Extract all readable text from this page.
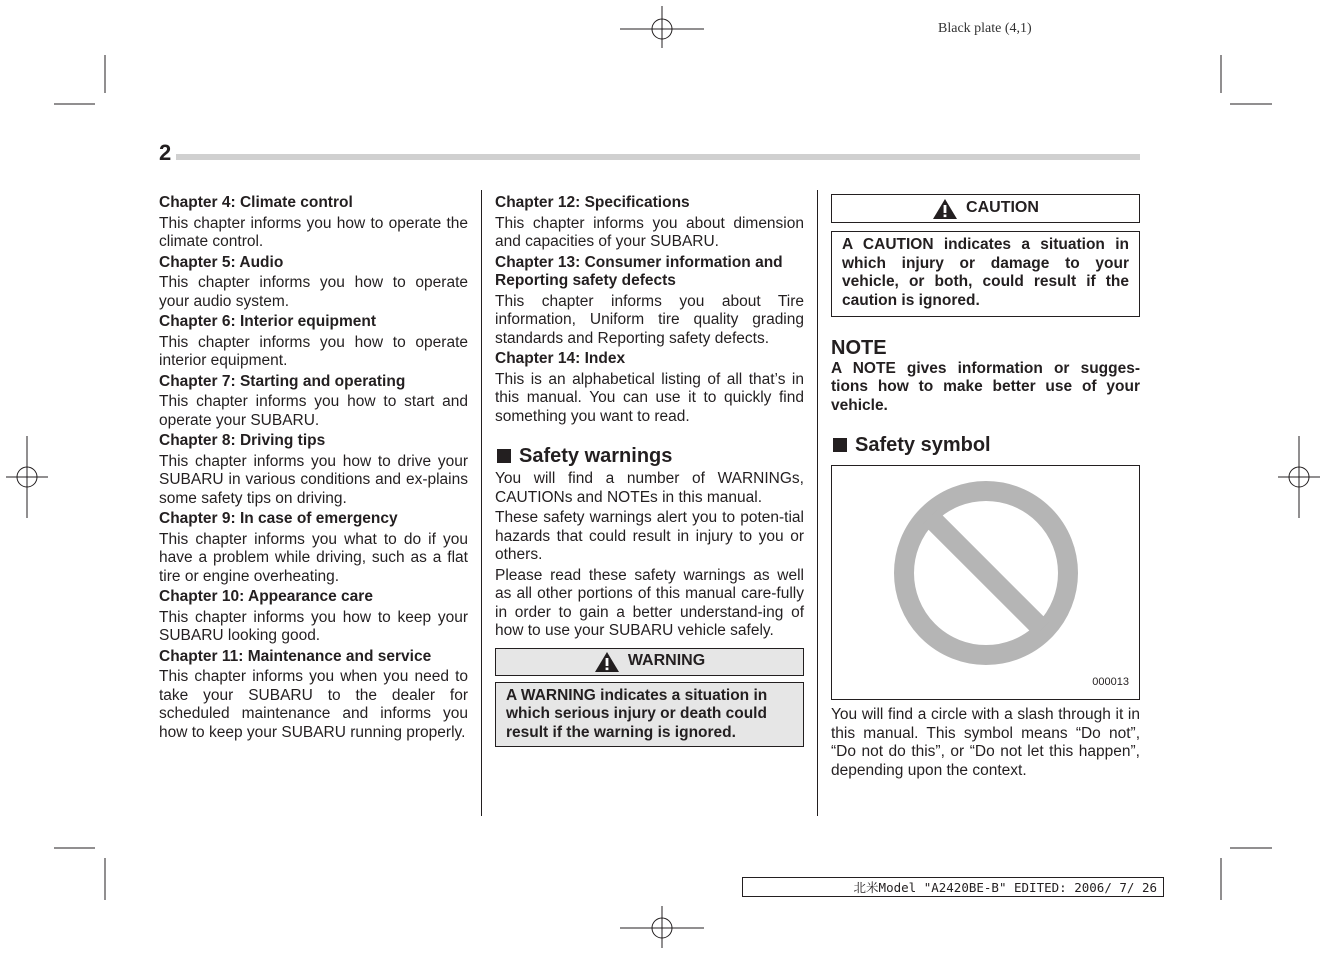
Black plate (4,1)
2
Chapter 4: Climate control
This chapter informs you how to operate the climate control.
Chapter 5: Audio
This chapter informs you how to operate your audio system.
Chapter 6: Interior equipment
This chapter informs you how to operate interior equipment.
Chapter 7: Starting and operating
This chapter informs you how to start and operate your SUBARU.
Chapter 8: Driving tips
This chapter informs you how to drive your SUBARU in various conditions and ex-plains some safety tips on driving.
Chapter 9: In case of emergency
This chapter informs you what to do if you have a problem while driving, such as a flat tire or engine overheating.
Chapter 10: Appearance care
This chapter informs you how to keep your SUBARU looking good.
Chapter 11: Maintenance and service
This chapter informs you when you need to take your SUBARU to the dealer for scheduled maintenance and informs you how to keep your SUBARU running properly.
Chapter 12: Specifications
This chapter informs you about dimension and capacities of your SUBARU.
Chapter 13: Consumer information and Reporting safety defects
This chapter informs you about Tire information, Uniform tire quality grading standards and Reporting safety defects.
Chapter 14: Index
This is an alphabetical listing of all that’s in this manual. You can use it to quickly find something you want to read.
Safety warnings
You will find a number of WARNINGs, CAUTIONs and NOTEs in this manual.
These safety warnings alert you to poten-tial hazards that could result in injury to you or others.
Please read these safety warnings as well as all other portions of this manual care-fully in order to gain a better understand-ing of how to use your SUBARU vehicle safely.
WARNING
A WARNING indicates a situation in which serious injury or death could result if the warning is ignored.
CAUTION
A CAUTION indicates a situation in which injury or damage to your vehicle, or both, could result if the caution is ignored.
NOTE
A NOTE gives information or sugges-tions how to make better use of your vehicle.
Safety symbol
000013
You will find a circle with a slash through it in this manual. This symbol means “Do not”, “Do not do this”, or “Do not let this happen”, depending upon the context.
北米Model "A2420BE-B" EDITED: 2006/ 7/ 26
